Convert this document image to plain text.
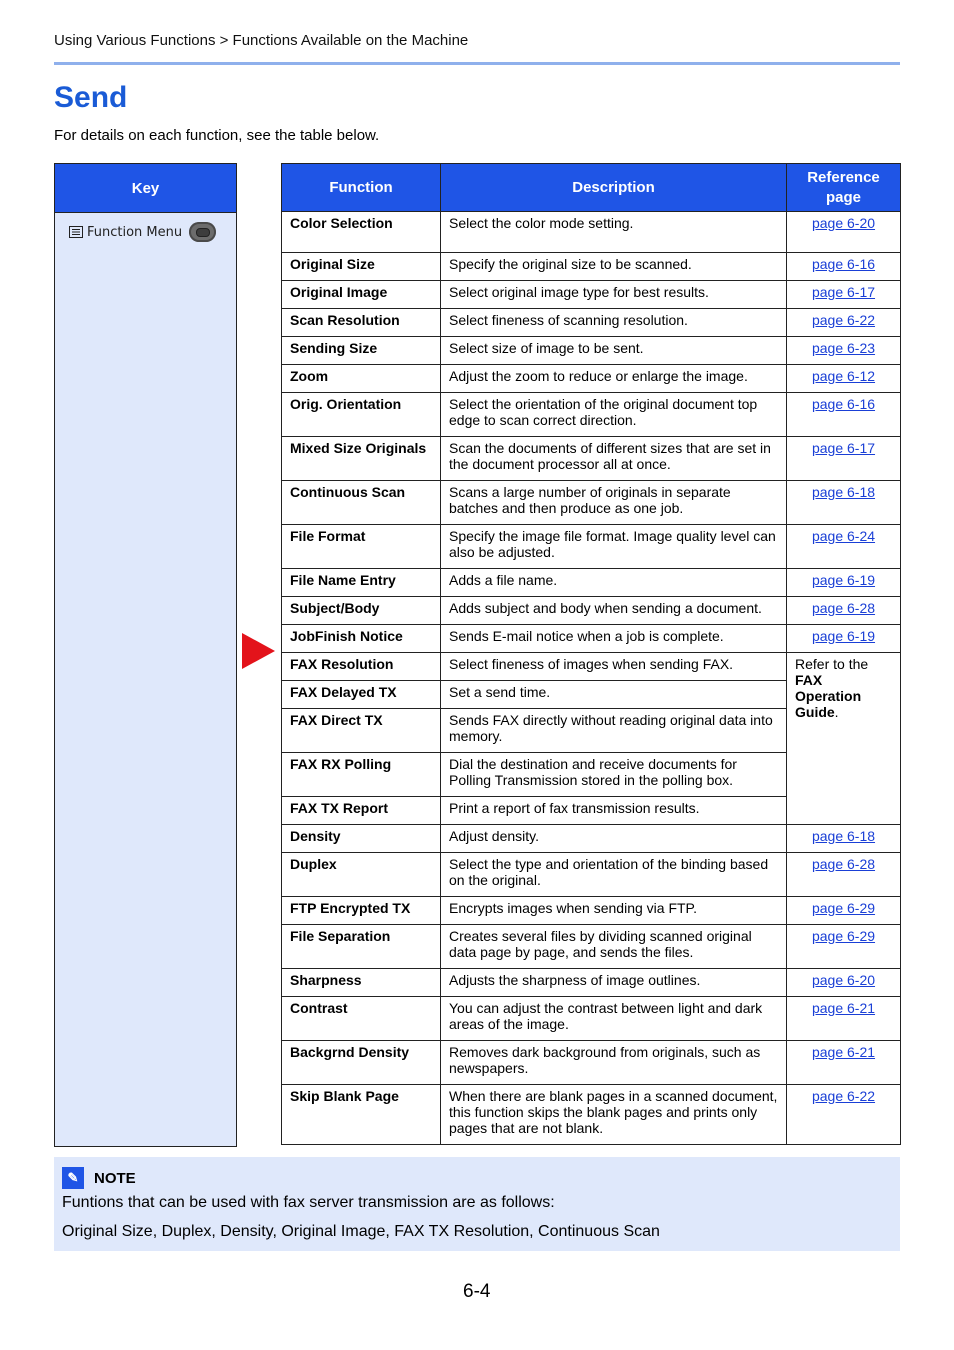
Using Various Functions > Functions Available on the Machine
Send
For details on each function, see the table below.
Key
Function Menu
Function	Description	Reference page
Color Selection	Select the color mode setting.	page 6-20
Original Size	Specify the original size to be scanned.	page 6-16
Original Image	Select original image type for best results.	page 6-17
Scan Resolution	Select fineness of scanning resolution.	page 6-22
Sending Size	Select size of image to be sent.	page 6-23
Zoom	Adjust the zoom to reduce or enlarge the image.	page 6-12
Orig. Orientation	Select the orientation of the original document top edge to scan correct direction.	page 6-16
Mixed Size Originals	Scan the documents of different sizes that are set in the document processor all at once.	page 6-17
Continuous Scan	Scans a large number of originals in separate batches and then produce as one job.	page 6-18
File Format	Specify the image file format. Image quality level can also be adjusted.	page 6-24
File Name Entry	Adds a file name.	page 6-19
Subject/Body	Adds subject and body when sending a document.	page 6-28
JobFinish Notice	Sends E-mail notice when a job is complete.	page 6-19
FAX Resolution	Select fineness of images when sending FAX.	Refer to the
FAX Operation Guide.
FAX Delayed TX	Set a send time.	
FAX Direct TX	Sends FAX directly without reading original data into memory.	
FAX RX Polling	Dial the destination and receive documents for Polling Transmission stored in the polling box.	
FAX TX Report	Print a report of fax transmission results.	
Density	Adjust density.	page 6-18
Duplex	Select the type and orientation of the binding based on the original.	page 6-28
FTP Encrypted TX	Encrypts images when sending via FTP.	page 6-29
File Separation	Creates several files by dividing scanned original data page by page, and sends the files.	page 6-29
Sharpness	Adjusts the sharpness of image outlines.	page 6-20
Contrast	You can adjust the contrast between light and dark areas of the image.	page 6-21
Backgrnd Density	Removes dark background from originals, such as newspapers.	page 6-21
Skip Blank Page	When there are blank pages in a scanned document, this function skips the blank pages and prints only pages that are not blank.	page 6-22
✎	NOTE
Funtions that can be used with fax server transmission are as follows:
Original Size, Duplex, Density, Original Image, FAX TX Resolution, Continuous Scan
6-4
